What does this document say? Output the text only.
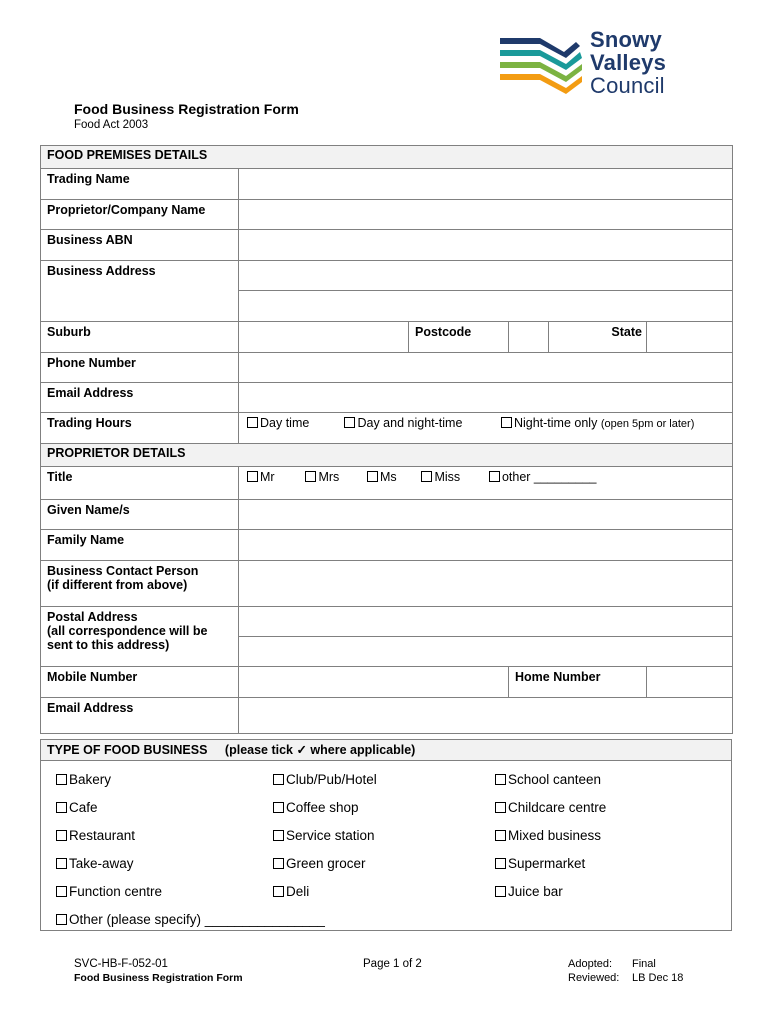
Snowy
Valleys
Council
Food Business Registration Form
Food Act 2003
FOOD PREMISES DETAILS					
Trading Name					
Proprietor/Company Name					
Business ABN					
Business Address					

Suburb		Postcode		State	
Phone Number					
Email Address					
Trading Hours	Day time Day and night-time Night-time only (open 5pm or later)				
PROPRIETOR DETAILS					
Title	Mr Mrs Ms Miss other _________				
Given Name/s					
Family Name					

Business Contact Person
(if different from above)					

Postal Address
(all correspondence will be
sent to this address)					

Mobile Number			Home Number		
Email Address					
TYPE OF FOOD BUSINESS (please tick ✓ where applicable)
Bakery
Cafe
Restaurant
Take-away
Function centre
Club/Pub/Hotel
Coffee shop
Service station
Green grocer
Deli
School canteen
Childcare centre
Mixed business
Supermarket
Juice bar
Other (please specify) ________________
SVC-HB-F-052-01
Food Business Registration Form
Page 1 of 2	Adopted: Final
Reviewed: LB Dec 18
